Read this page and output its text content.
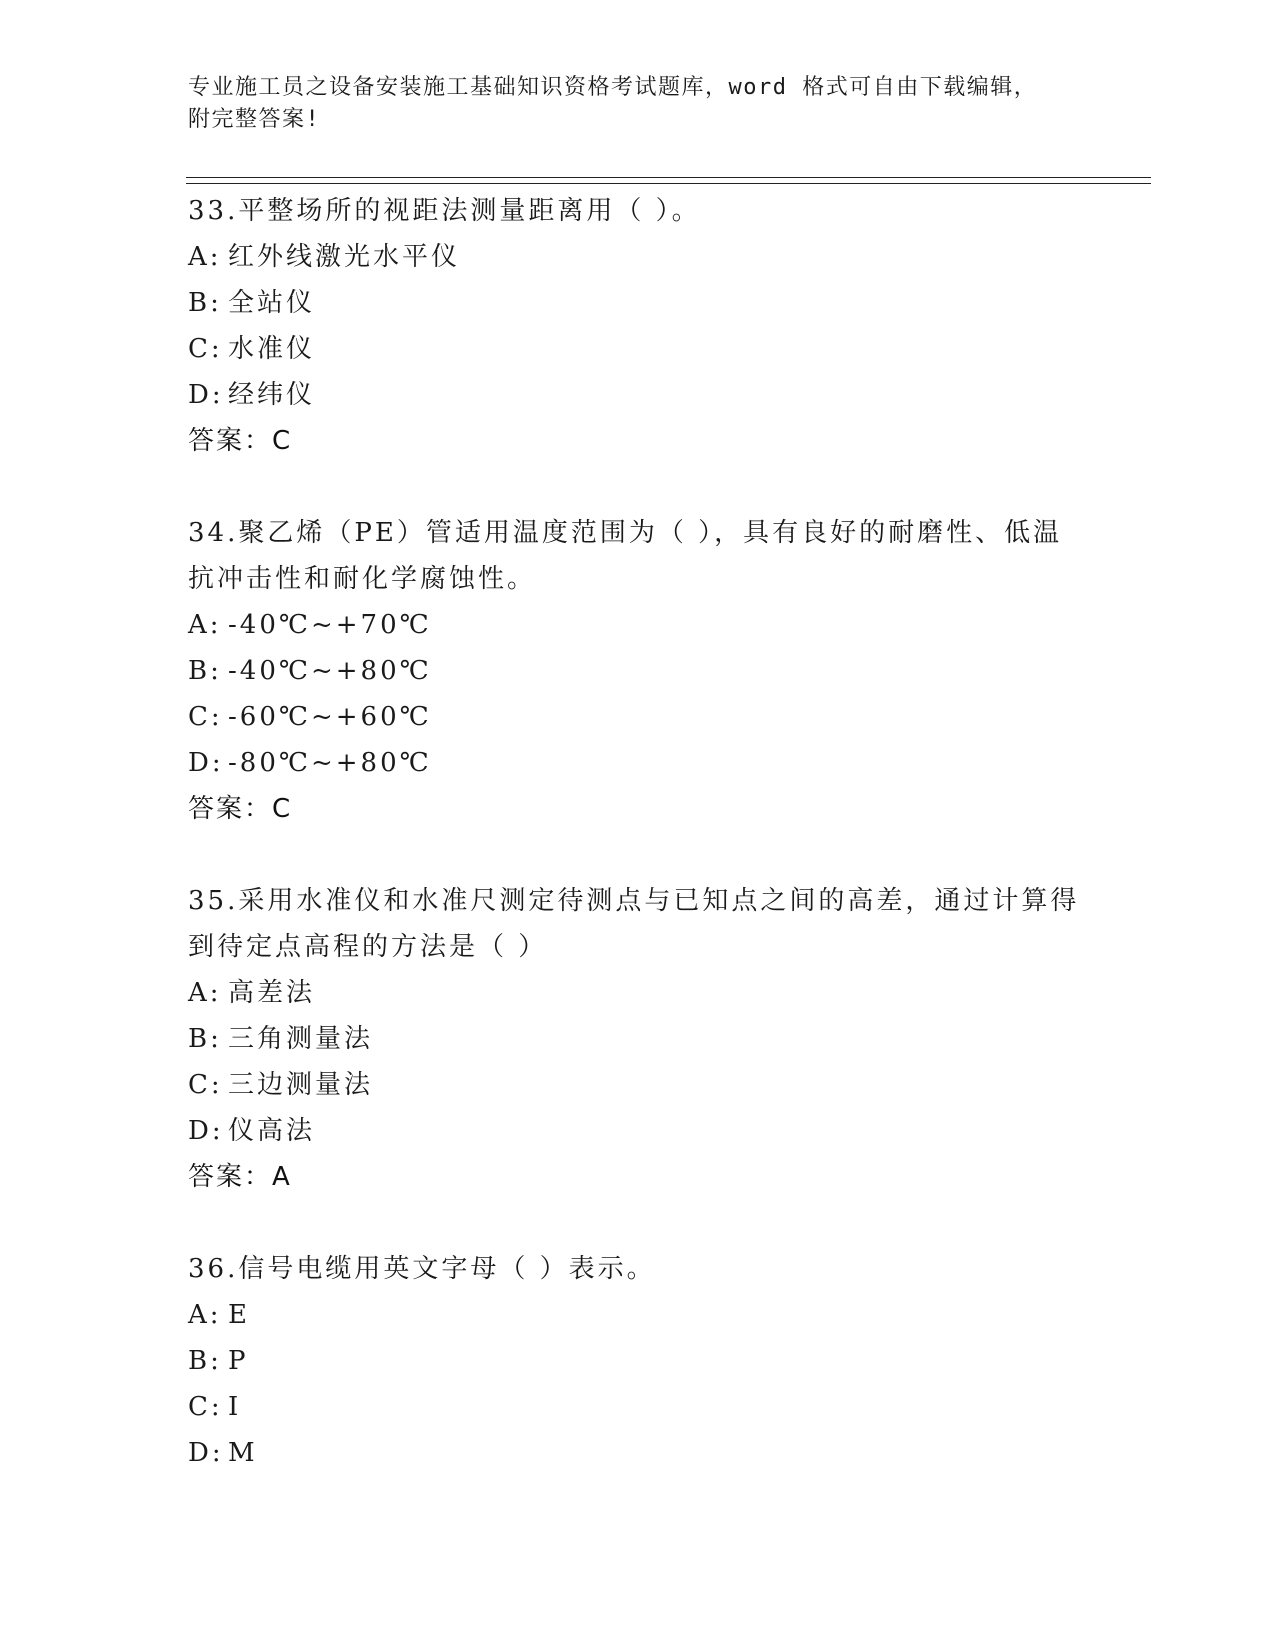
专业施工员之设备安装施工基础知识资格考试题库，word 格式可自由下载编辑，
附完整答案!
33.平整场所的视距法测量距离用（ ）。
A: 红外线激光水平仪
B: 全站仪
C: 水准仪
D: 经纬仪
答案：C
34.聚乙烯（PE）管适用温度范围为（ ），具有良好的耐磨性、低温
抗冲击性和耐化学腐蚀性。
A: -40℃~+70℃
B: -40℃~+80℃
C: -60℃~+60℃
D: -80℃~+80℃
答案：C
35.采用水准仪和水准尺测定待测点与已知点之间的高差，通过计算得
到待定点高程的方法是（ ）
A: 高差法
B: 三角测量法
C: 三边测量法
D: 仪高法
答案：A
36.信号电缆用英文字母（ ）表示。
A: E
B: P
C: I
D: M
